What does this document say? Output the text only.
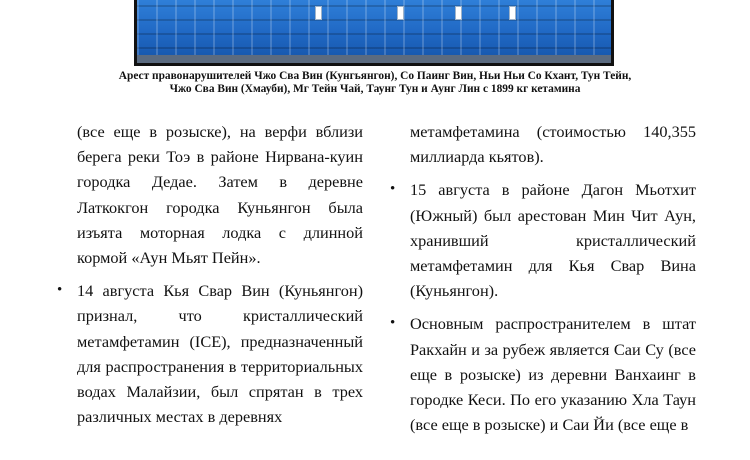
Арест правонарушителей Чжо Сва Вин (Кунгьянгон), Со Паинг Вин, Ньи Ньи Со Кхант, Тун Тейн,
Чжо Сва Вин (Хмауби), Мг Тейн Чай, Таунг Тун и Аунг Лин с 1899 кг кетамина

(все еще в розыске), на верфи вблизи берега реки Тоэ в районе Нирвана-куин городка Дедае. Затем в деревне Латкокгон городка Куньянгон была изъята моторная лодка с длинной кормой «Аун Мьят Пейн».

• 14 августа Кья Свар Вин (Куньянгон) признал, что кристаллический метамфетамин (ICE), предназначенный для распространения в территориальных водах Малайзии, был спрятан в трех различных местах в деревнях

метамфетамина (стоимостью 140,355 миллиарда кьятов).

• 15 августа в районе Дагон Мьотхит (Южный) был арестован Мин Чит Аун, хранивший кристаллический метамфетамин для Кья Свар Вина (Куньянгон).

• Основным распространителем в штат Ракхайн и за рубеж является Саи Су (все еще в розыске) из деревни Ванхаинг в городке Кеси. По его указанию Хла Таун (все еще в розыске) и Саи Йи (все еще в
